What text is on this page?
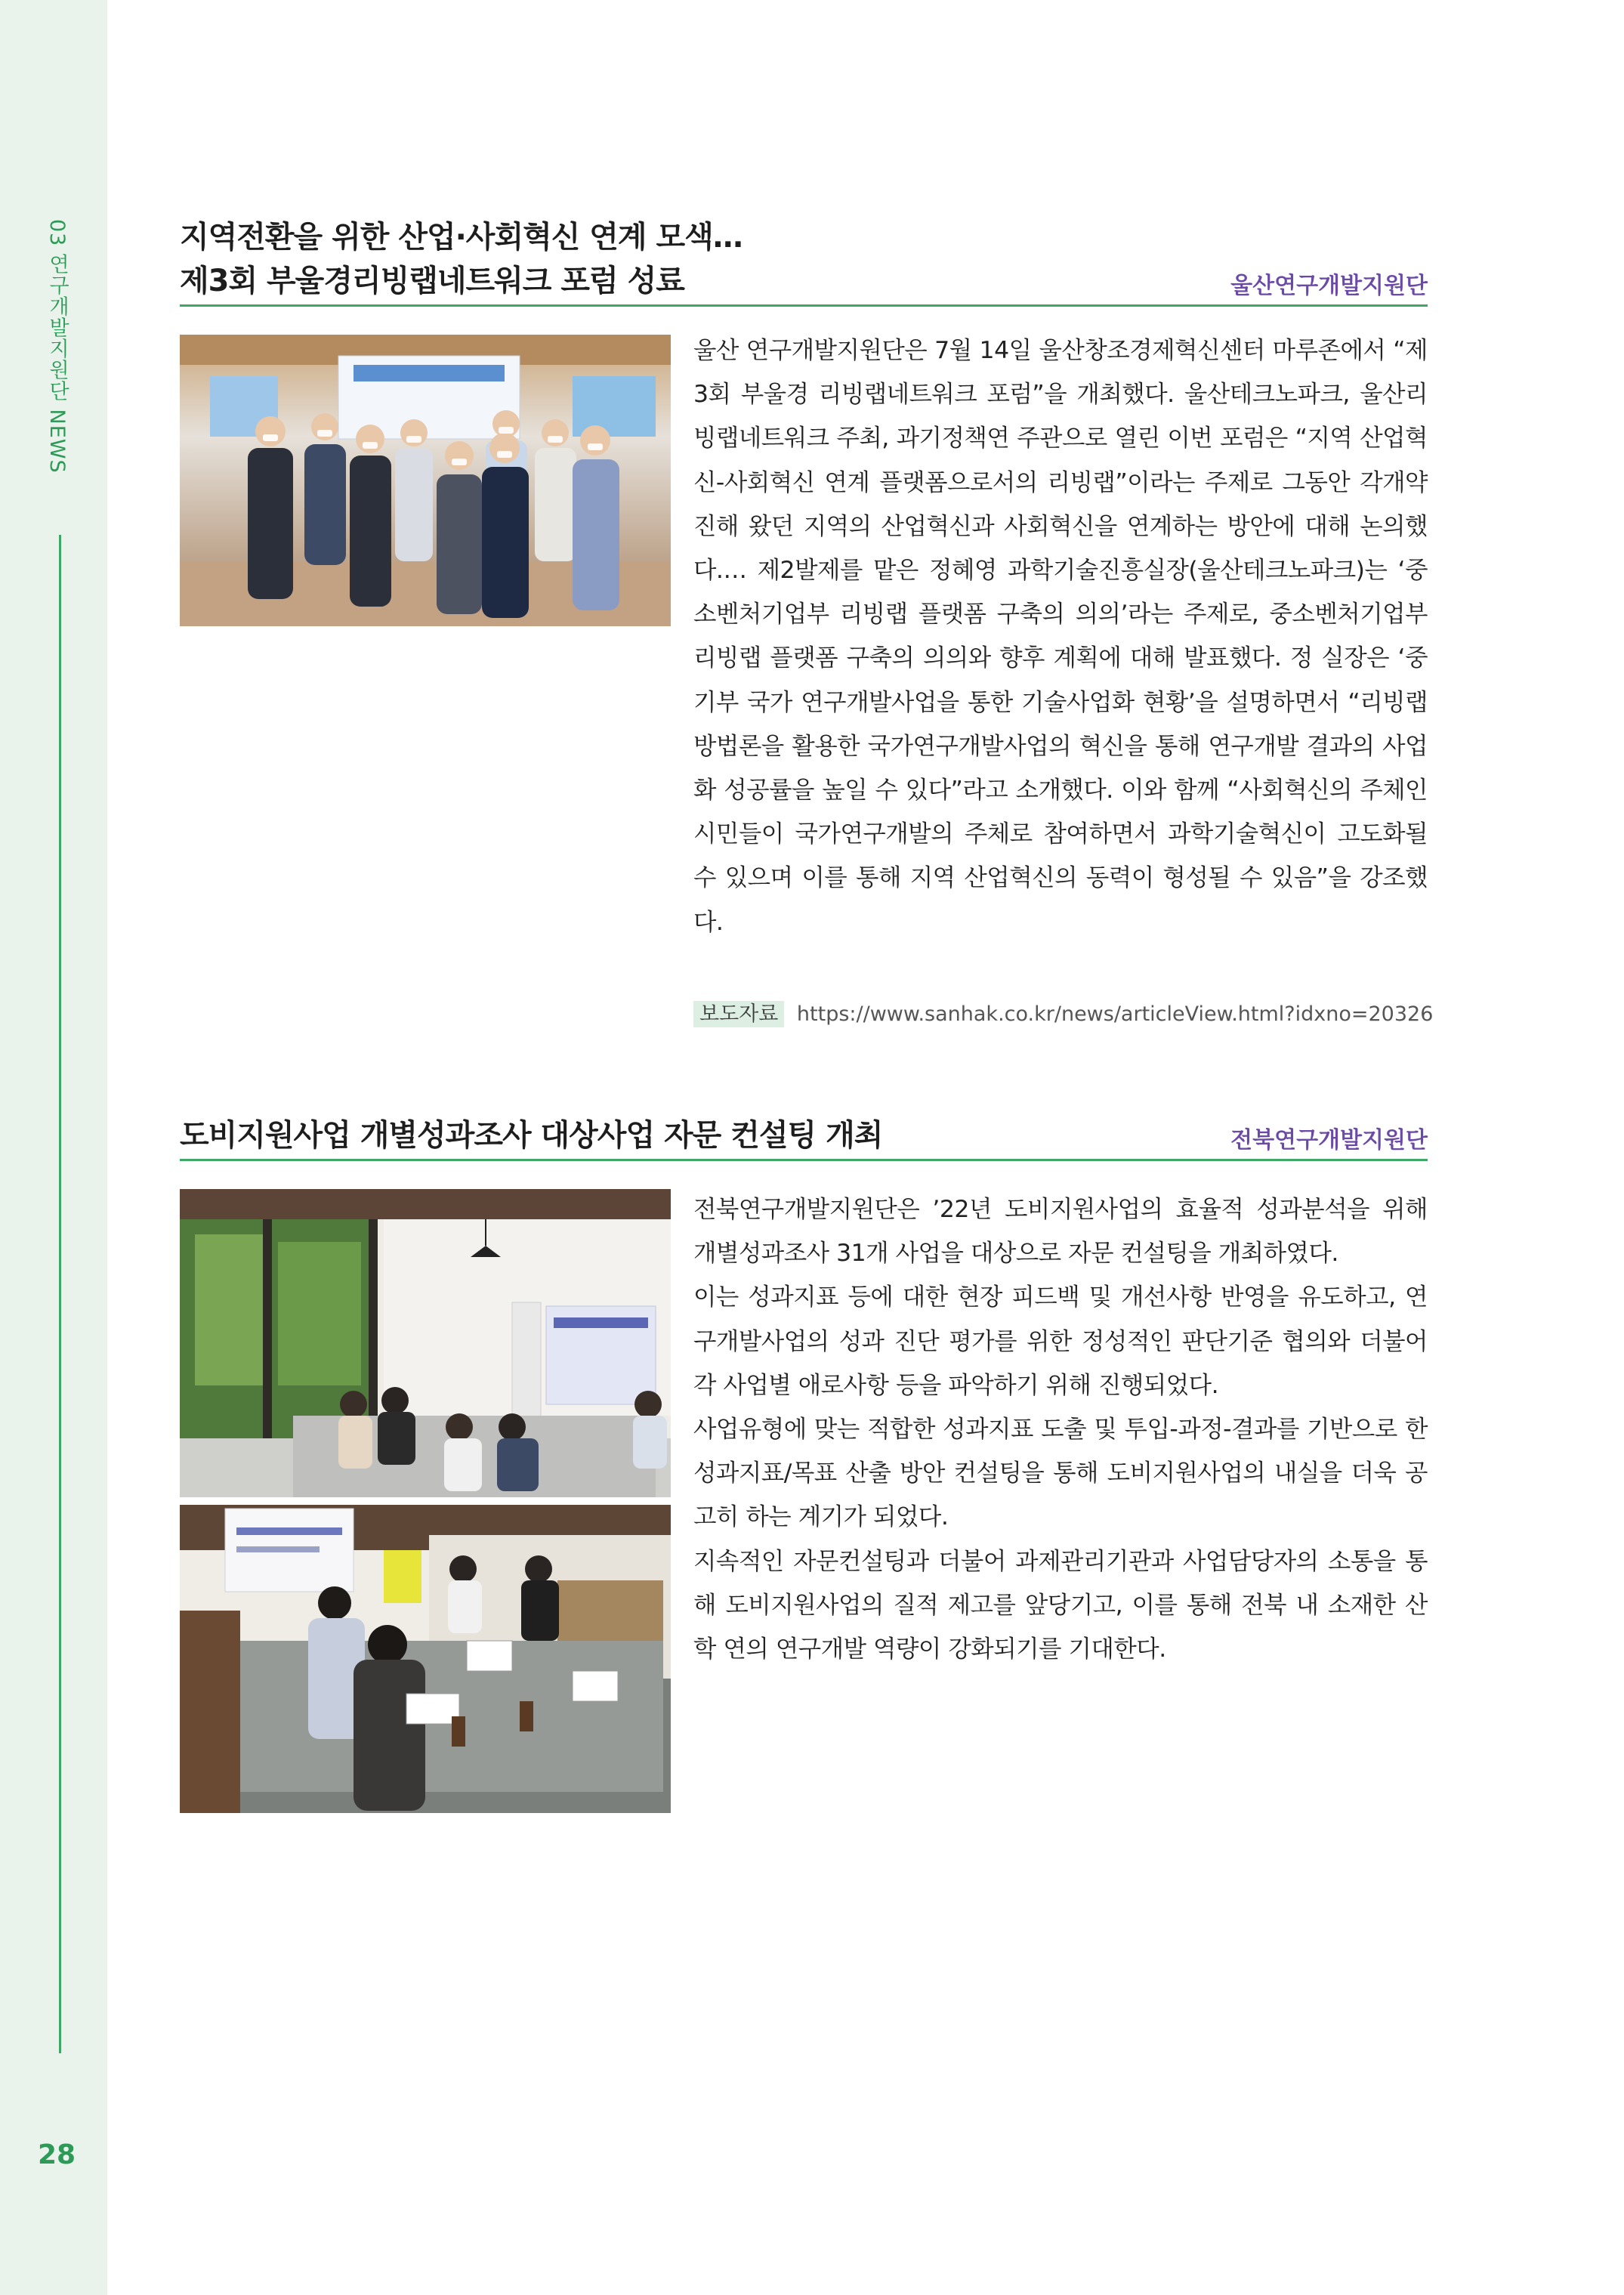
03 연구개발지원단 NEWS
28
지역전환을 위한 산업·사회혁신 연계 모색…
제3회 부울경리빙랩네트워크 포럼 성료	울산연구개발지원단

울산 연구개발지원단은 7월 14일 울산창조경제혁신센터 마루존에서 “제3회 부울경 리빙랩네트워크 포럼”을 개최했다. 울산테크노파크, 울산리빙랩네트워크 주최, 과기정책연 주관으로 열린 이번 포럼은 “지역 산업혁신-사회혁신 연계 플랫폼으로서의 리빙랩”이라는 주제로 그동안 각개약진해 왔던 지역의 산업혁신과 사회혁신을 연계하는 방안에 대해 논의했다.… 제2발제를 맡은 정혜영 과학기술진흥실장(울산테크노파크)는 ‘중소벤처기업부 리빙랩 플랫폼 구축의 의의’라는 주제로, 중소벤처기업부 리빙랩 플랫폼 구축의 의의와 향후 계획에 대해 발표했다. 정 실장은 ‘중기부 국가 연구개발사업을 통한 기술사업화 현황’을 설명하면서 “리빙랩 방법론을 활용한 국가연구개발사업의 혁신을 통해 연구개발 결과의 사업화 성공률을 높일 수 있다”라고 소개했다. 이와 함께 “사회혁신의 주체인 시민들이 국가연구개발의 주체로 참여하면서 과학기술혁신이 고도화될 수 있으며 이를 통해 지역 산업혁신의 동력이 형성될 수 있음”을 강조했다.

보도자료 https://www.sanhak.co.kr/news/articleView.html?idxno=20326
도비지원사업 개별성과조사 대상사업 자문 컨설팅 개최	전북연구개발지원단

전북연구개발지원단은 ’22년 도비지원사업의 효율적 성과분석을 위해 개별성과조사 31개 사업을 대상으로 자문 컨설팅을 개최하였다.

이는 성과지표 등에 대한 현장 피드백 및 개선사항 반영을 유도하고, 연구개발사업의 성과 진단 평가를 위한 정성적인 판단기준 협의와 더불어 각 사업별 애로사항 등을 파악하기 위해 진행되었다.

사업유형에 맞는 적합한 성과지표 도출 및 투입-과정-결과를 기반으로 한 성과지표/목표 산출 방안 컨설팅을 통해 도비지원사업의 내실을 더욱 공고히 하는 계기가 되었다.

지속적인 자문컨설팅과 더불어 과제관리기관과 사업담당자의 소통을 통해 도비지원사업의 질적 제고를 앞당기고, 이를 통해 전북 내 소재한 산 학 연의 연구개발 역량이 강화되기를 기대한다.
